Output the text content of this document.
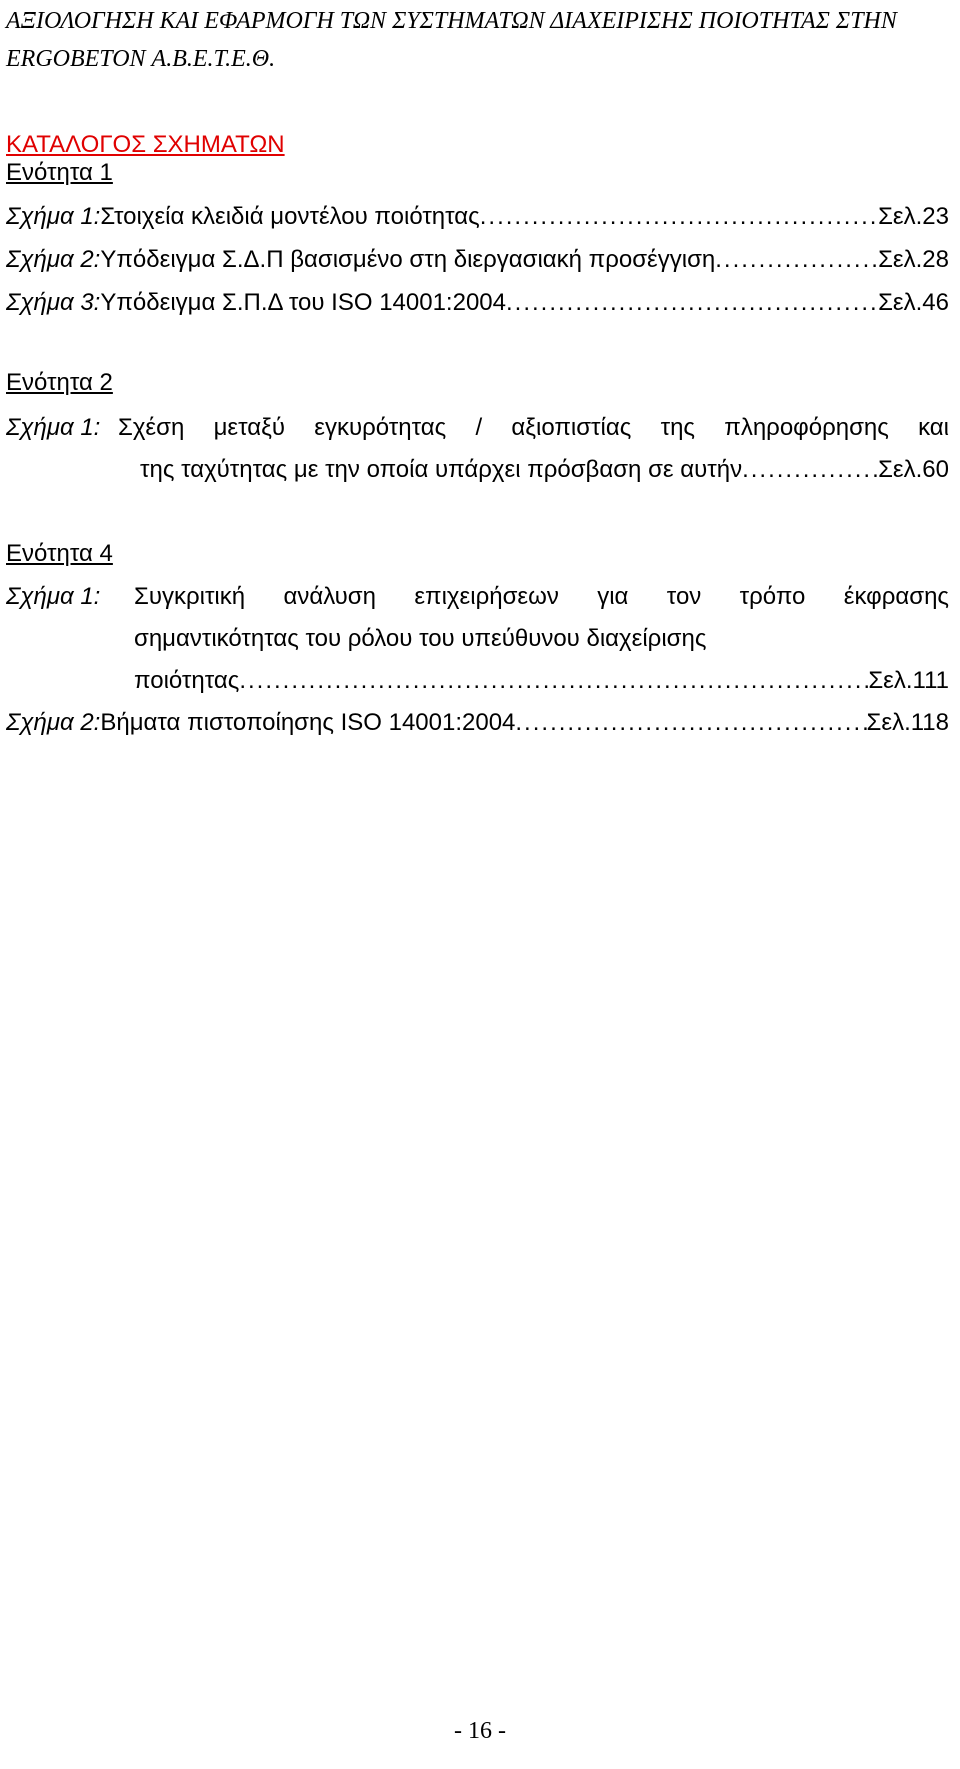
ΑΞΙΟΛΟΓΗΣΗ ΚΑΙ ΕΦΑΡΜΟΓΗ ΤΩΝ ΣΥΣΤΗΜΑΤΩΝ ΔΙΑΧΕΙΡΙΣΗΣ ΠΟΙΟΤΗΤΑΣ ΣΤΗΝ
ERGOBETON Α.Β.Ε.Τ.Ε.Θ.
ΚΑΤΑΛΟΓΟΣ ΣΧΗΜΑΤΩΝ
Ενότητα 1
Σχήμα 1: Στοιχεία κλειδιά μοντέλου ποιότητας .....	Σελ.23
Σχήμα 2: Υπόδειγμα Σ.Δ.Π βασισμένο στη διεργασιακή προσέγγιση .....	Σελ.28
Σχήμα 3: Υπόδειγμα Σ.Π.Δ του ISO 14001:2004 .....	Σελ.46
Ενότητα 2
Σχήμα 1: Σχέση μεταξύ εγκυρότητας / αξιοπιστίας της πληροφόρησης και
της ταχύτητας με την οποία υπάρχει πρόσβαση σε αυτήν .....	Σελ.60
Ενότητα 4
Σχήμα 1:	Συγκριτική ανάλυση επιχειρήσεων για τον τρόπο έκφρασης
σημαντικότητας του ρόλου του υπεύθυνου διαχείρισης
ποιότητας .....	Σελ.111
Σχήμα 2: Βήματα πιστοποίησης ISO 14001:2004 .....	Σελ.118
- 16 -
